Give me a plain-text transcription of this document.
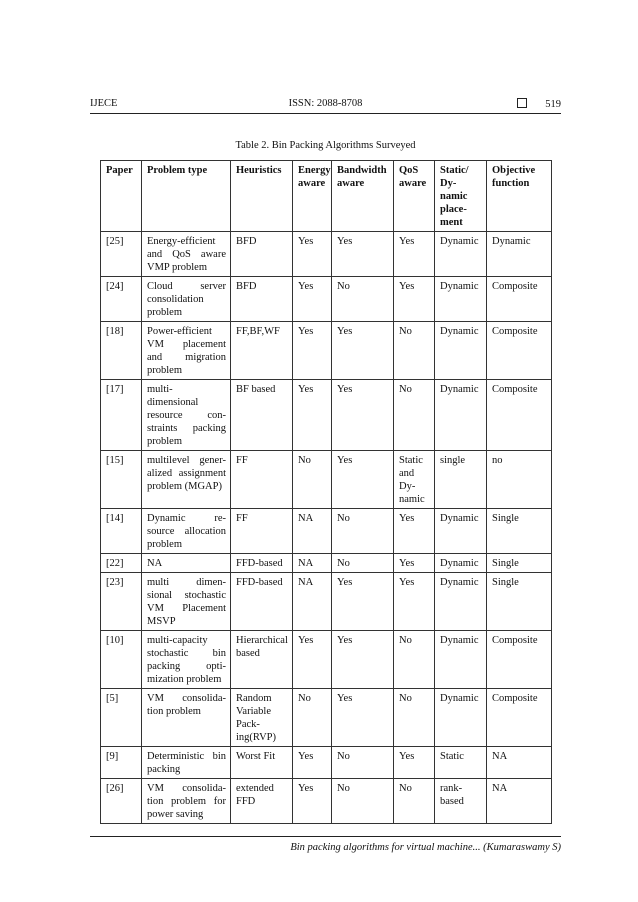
IJECE	ISSN: 2088-8708	519
Table 2. Bin Packing Algorithms Surveyed
Paper	Problem type	Heuristics	Energy aware	Bandwidth aware	QoS aware	Static/ Dy- namic place- ment	Objective function
[25]	Energy-efficient and QoS aware VMP problem	BFD	Yes	Yes	Yes	Dynamic	Dynamic
[24]	Cloud server consolidation problem	BFD	Yes	No	Yes	Dynamic	Composite
[18]	Power-efficient VM placement and migration problem	FF,BF,WF	Yes	Yes	No	Dynamic	Composite
[17]	multi- dimensional resource con- straints packing problem	BF based	Yes	Yes	No	Dynamic	Composite
[15]	multilevel gener- alized assignment problem (MGAP)	FF	No	Yes	Static and Dy- namic	single	no
[14]	Dynamic re- source allocation problem	FF	NA	No	Yes	Dynamic	Single
[22]	NA	FFD-based	NA	No	Yes	Dynamic	Single
[23]	multi dimen- sional stochastic VM Placement MSVP	FFD-based	NA	Yes	Yes	Dynamic	Single
[10]	multi-capacity stochastic bin packing opti- mization problem	Hierarchical based	Yes	Yes	No	Dynamic	Composite
[5]	VM consolida- tion problem	Random Variable Pack- ing(RVP)	No	Yes	No	Dynamic	Composite
[9]	Deterministic bin packing	Worst Fit	Yes	No	Yes	Static	NA
[26]	VM consolida- tion problem for power saving	extended FFD	Yes	No	No	rank- based	NA
Bin packing algorithms for virtual machine... (Kumaraswamy S)
